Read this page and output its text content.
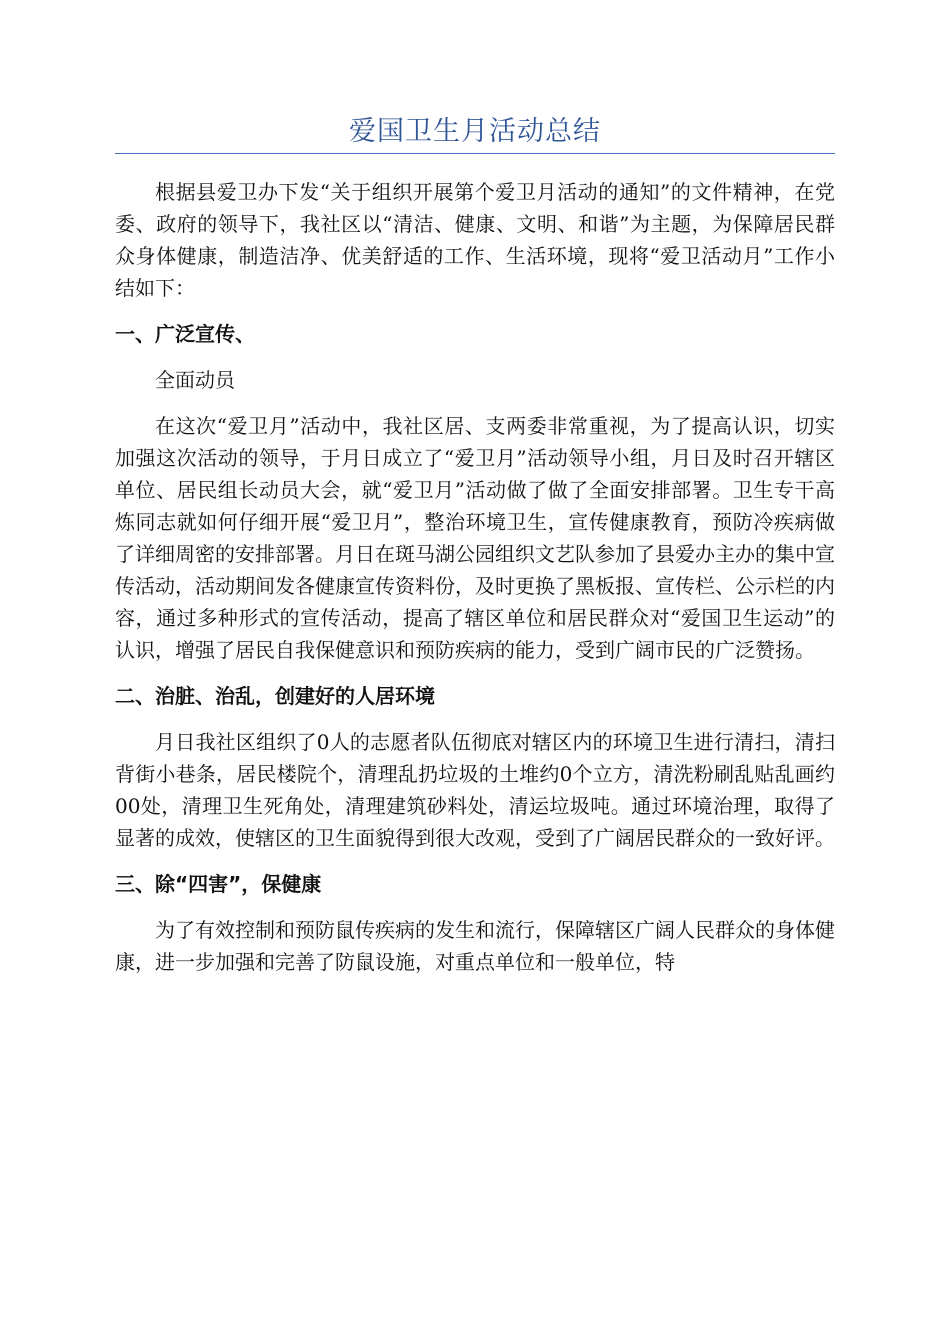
爱国卫生月活动总结

根据县爱卫办下发“关于组织开展第个爱卫月活动的通知”的文件精神，在党委、政府的领导下，我社区以“清洁、健康、文明、和谐”为主题，为保障居民群众身体健康，制造洁净、优美舒适的工作、生活环境，现将“爱卫活动月”工作小结如下：

一、广泛宣传、

全面动员

在这次“爱卫月”活动中，我社区居、支两委非常重视，为了提高认识，切实加强这次活动的领导，于月日成立了“爱卫月”活动领导小组，月日及时召开辖区单位、居民组长动员大会，就“爱卫月”活动做了做了全面安排部署。卫生专干高炼同志就如何仔细开展“爱卫月”，整治环境卫生，宣传健康教育，预防冷疾病做了详细周密的安排部署。月日在斑马湖公园组织文艺队参加了县爱办主办的集中宣传活动，活动期间发各健康宣传资料份，及时更换了黑板报、宣传栏、公示栏的内容，通过多种形式的宣传活动，提高了辖区单位和居民群众对“爱国卫生运动”的认识，增强了居民自我保健意识和预防疾病的能力，受到广阔市民的广泛赞扬。

二、治脏、治乱，创建好的人居环境

月日我社区组织了0人的志愿者队伍彻底对辖区内的环境卫生进行清扫，清扫背街小巷条，居民楼院个，清理乱扔垃圾的土堆约0个立方，清洗粉刷乱贴乱画约00处，清理卫生死角处，清理建筑砂料处，清运垃圾吨。通过环境治理，取得了显著的成效，使辖区的卫生面貌得到很大改观，受到了广阔居民群众的一致好评。

三、除“四害”，保健康

为了有效控制和预防鼠传疾病的发生和流行，保障辖区广阔人民群众的身体健康，进一步加强和完善了防鼠设施，对重点单位和一般单位，特
